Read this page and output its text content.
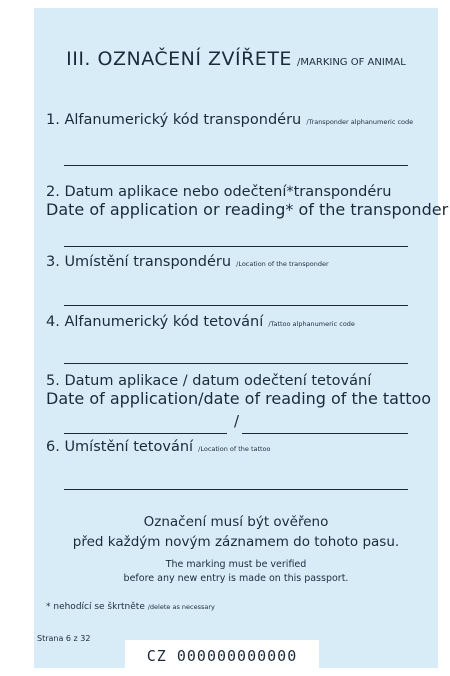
III. OZNAČENÍ ZVÍŘETE /MARKING OF ANIMAL
1. Alfanumerický kód transpondéru /Transponder alphanumeric code
2. Datum aplikace nebo odečtení*transpondéru
Date of application or reading* of the transponder
3. Umístění transpondéru /Location of the transponder
4. Alfanumerický kód tetování /Tattoo alphanumeric code
5. Datum aplikace / datum odečtení tetování
Date of application/date of reading of the tattoo
/
6. Umístění tetování /Location of the tattoo
Označení musí být ověřeno
před každým novým záznamem do tohoto pasu.
The marking must be verified
before any new entry is made on this passport.
* nehodící se škrtněte /delete as necessary
Strana 6 z 32
CZ 000000000000
